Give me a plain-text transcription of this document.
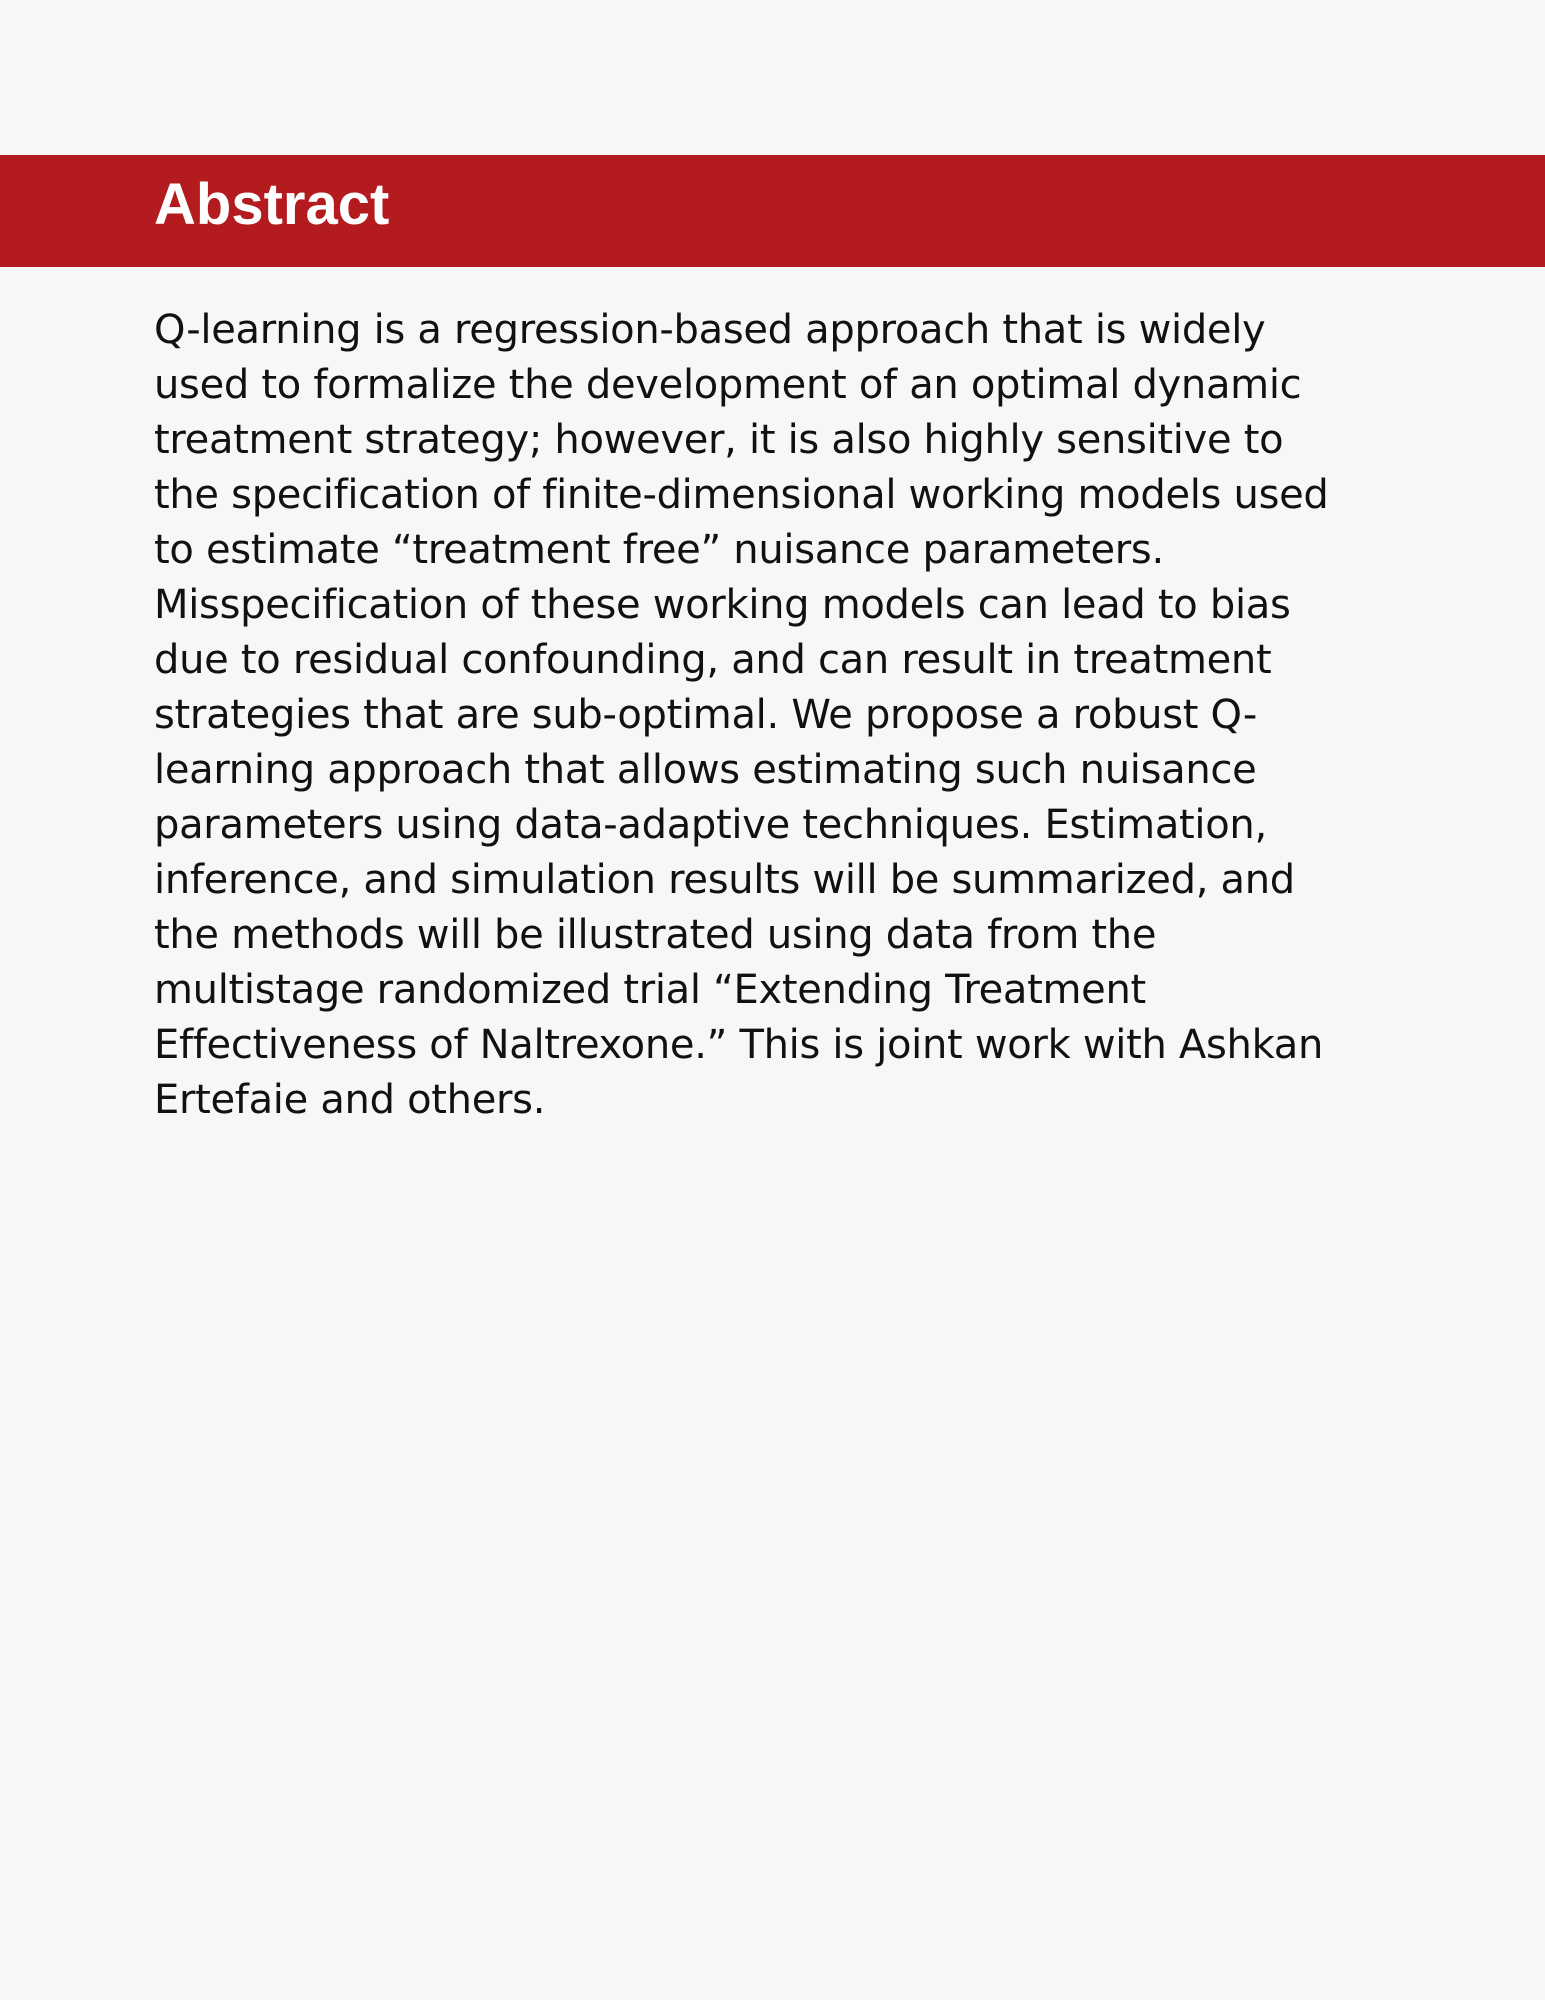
Abstract
Q-learning is a regression-based approach that is widely
used to formalize the development of an optimal dynamic
treatment strategy; however, it is also highly sensitive to
the specification of finite-dimensional working models used
to estimate “treatment free” nuisance parameters.
Misspecification of these working models can lead to bias
due to residual confounding, and can result in treatment
strategies that are sub-optimal. We propose a robust Q-
learning approach that allows estimating such nuisance
parameters using data-adaptive techniques. Estimation,
inference, and simulation results will be summarized, and
the methods will be illustrated using data from the
multistage randomized trial “Extending Treatment
Effectiveness of Naltrexone.” This is joint work with Ashkan
Ertefaie and others.
